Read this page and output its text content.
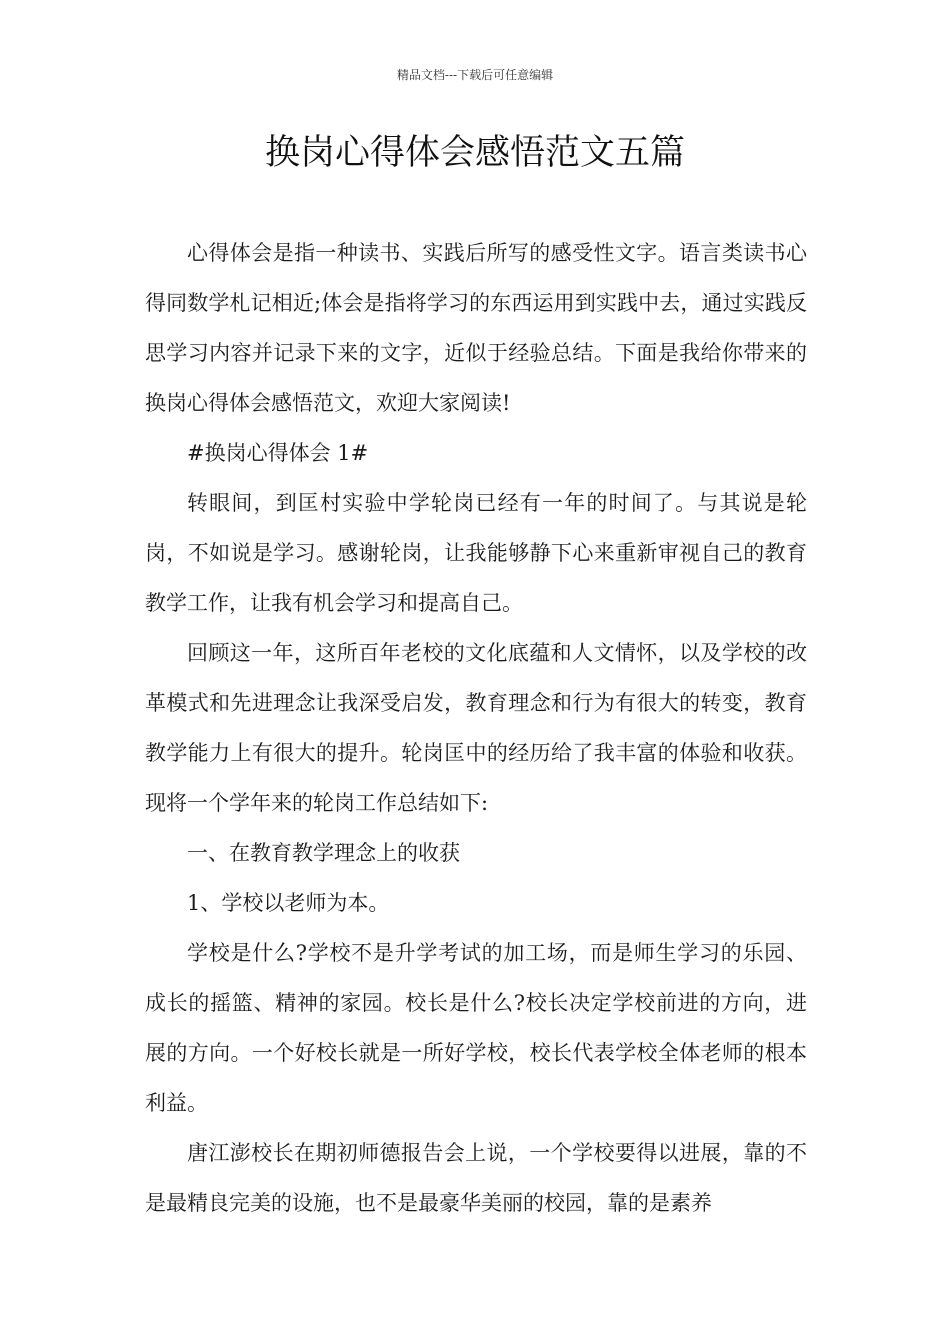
精品文档---下载后可任意编辑
换岗心得体会感悟范文五篇

心得体会是指一种读书、实践后所写的感受性文字。语言类读书心得同数学札记相近;体会是指将学习的东西运用到实践中去，通过实践反思学习内容并记录下来的文字，近似于经验总结。下面是我给你带来的换岗心得体会感悟范文，欢迎大家阅读!

#换岗心得体会 1#

转眼间，到匡村实验中学轮岗已经有一年的时间了。与其说是轮岗，不如说是学习。感谢轮岗，让我能够静下心来重新审视自己的教育教学工作，让我有机会学习和提高自己。

回顾这一年，这所百年老校的文化底蕴和人文情怀，以及学校的改革模式和先进理念让我深受启发，教育理念和行为有很大的转变，教育教学能力上有很大的提升。轮岗匡中的经历给了我丰富的体验和收获。现将一个学年来的轮岗工作总结如下:

一、在教育教学理念上的收获

1、学校以老师为本。

学校是什么?学校不是升学考试的加工场，而是师生学习的乐园、成长的摇篮、精神的家园。校长是什么?校长决定学校前进的方向，进展的方向。一个好校长就是一所好学校，校长代表学校全体老师的根本利益。

唐江澎校长在期初师德报告会上说，一个学校要得以进展，靠的不是最精良完美的设施，也不是最豪华美丽的校园，靠的是素养
